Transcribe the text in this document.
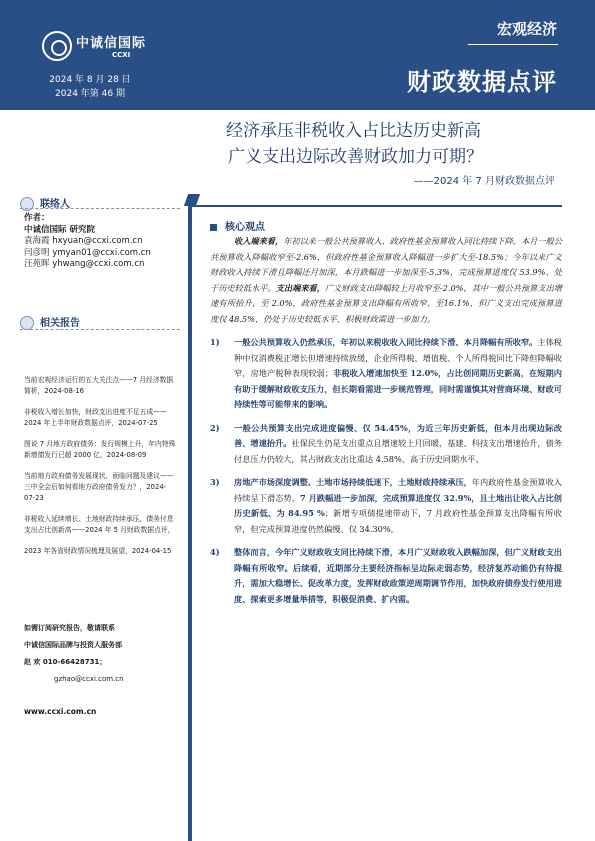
中诚信国际
CCXI
2024 年 8 月 28 日
2024 年第 46 期
联络人
作者：
中诚信国际 研究院
袁海霞 hxyuan@ccxi.com.cn
闫彦明 ymyan01@ccxi.com.cn
汪苑晖 yhwang@ccxi.com.cn
相关报告

当前宏观经济运行的五大关注点——7 月经济数据简析，2024-08-16

非税收入增长加快，财政支出进度不足五成——2024 年上半年财政数据点评，2024-07-25

图说 7 月地方政府债务：发行规模上升，年内特殊新增债发行已超 2000 亿，2024-08-09

当前地方政府债务发展现状、面临问题及建议——三中全会后如何看地方政府债务发力？，2024-07-23

非税收入延续增长、土地财政持续承压，债务付息支出占比创新高——2024 年 5 月财政数据点评，

2023 年各省财政情况梳理及展望，2024-04-15

如需订阅研究报告，敬请联系
中诚信国际品牌与投资人服务部
赵 欢 010-66428731；
gzhao@ccxi.com.cn
www.ccxi.com.cn
宏观经济
财政数据点评
经济承压非税收入占比达历史新高
广义支出边际改善财政加力可期？
——2024 年 7 月财政数据点评
核心观点
收入端来看，年初以来一般公共预算收入、政府性基金预算收入同比持续下降，本月一般公共预算收入降幅收窄至-2.6%，但政府性基金预算收入降幅进一步扩大至-18.5%；今年以来广义财政收入持续下滑且降幅还月加深，本月跌幅进一步加深至-5.3%，完成预算进度仅 53.9%、处于历史较低水平。支出端来看，广义财政支出降幅较上月收窄至-2.0%，其中一般公共预算支出增速有所抬升、至 2.0%，政府性基金预算支出降幅有所收窄、至16.1%，但广义支出完成预算进度仅 48.5%，仍处于历史较低水平，积极财政需进一步加力。
1) 一般公共预算收入仍然承压，年初以来税收收入同比持续下滑、本月降幅有所收窄。主体税种中仅消费税正增长但增速持续放缓，企业所得税、增值税、个人所得税同比下降但降幅收窄，房地产税种表现较弱；非税收入增速加快至 12.0%，占比创同期历史新高，在短期内有助于缓解财政收支压力，但长期看需进一步规范管理，同时需谨慎其对营商环境、财政可持续性等可能带来的影响。
2) 一般公共预算支出完成进度偏慢、仅 54.45%，为近三年历史新低，但本月出现边际改善、增速抬升。社保民生仍是支出重点且增速较上月回暖，基建、科技支出增速抬升，债务付息压力仍较大，其占财政支出比重达 4.58%、高于历史同期水平。
3) 房地产市场深度调整、土地市场持续低迷下，土地财政持续承压，年内政府性基金预算收入持续呈下滑态势，7 月跌幅进一步加深，完成预算进度仅 32.9%，且土地出让收入占比创历史新低、为 84.95 %；新增专项债提速带动下，7 月政府性基金预算支出降幅有所收窄，但完成预算进度仍然偏慢、仅 34.30%。
4) 整体而言，今年广义财政收支同比持续下滑，本月广义财政收入跌幅加深，但广义财政支出降幅有所收窄。后续看，近期部分主要经济指标呈边际走弱态势，经济复苏动能仍有待提升，需加大稳增长、促改革力度，发挥财政政策逆周期调节作用，加快政府债券发行使用进度、探索更多增量举措等，积极促消费、扩内需。
